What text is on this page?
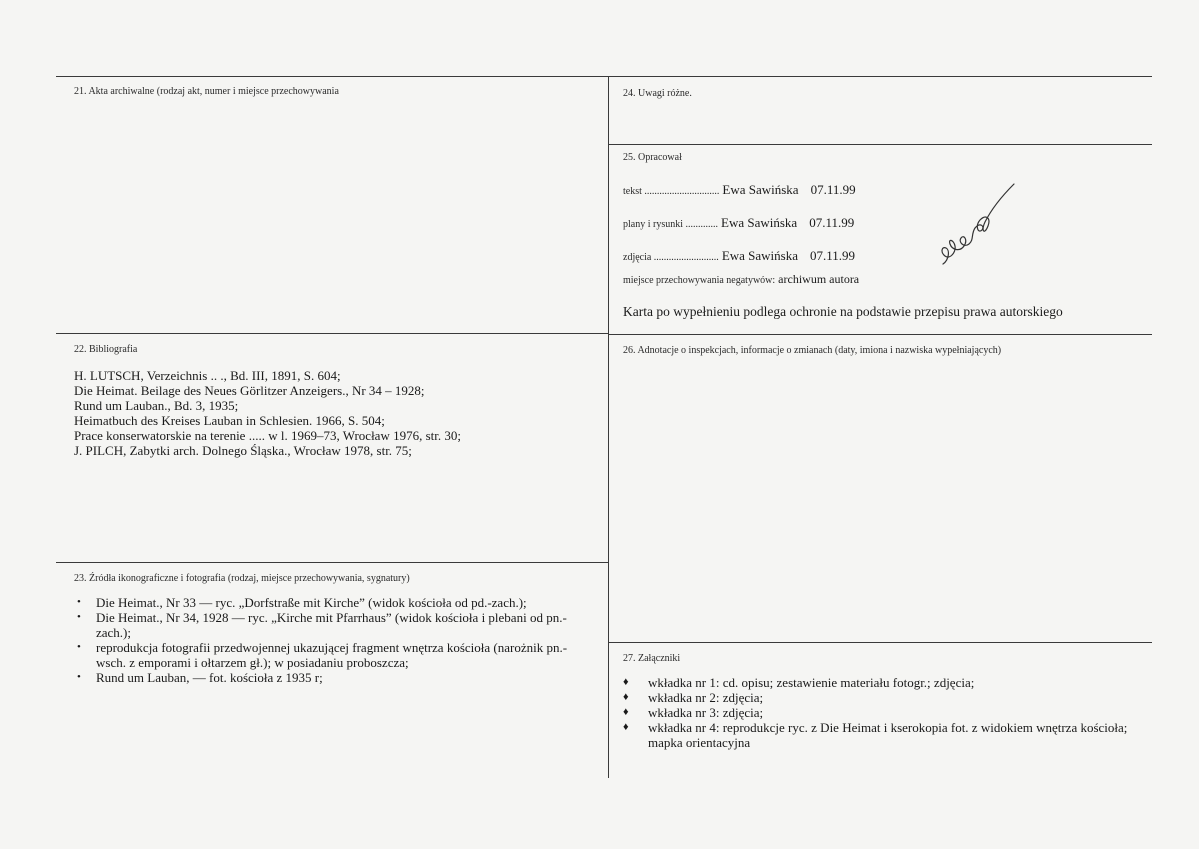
21. Akta archiwalne (rodzaj akt, numer i miejsce przechowywania
22. Bibliografia
H. LUTSCH, Verzeichnis .. ., Bd. III, 1891, S. 604;
Die Heimat. Beilage des Neues Görlitzer Anzeigers., Nr 34 – 1928;
Rund um Lauban., Bd. 3, 1935;
Heimatbuch des Kreises Lauban in Schlesien. 1966, S. 504;
Prace konserwatorskie na terenie ..... w l. 1969–73, Wrocław 1976, str. 30;
J. PILCH, Zabytki arch. Dolnego Śląska., Wrocław 1978, str. 75;
23. Źródła ikonograficzne i fotografia (rodzaj, miejsce przechowywania, sygnatury)
• Die Heimat., Nr 33 — ryc. „Dorfstraße mit Kirche” (widok kościoła od pd.-zach.);
• Die Heimat., Nr 34, 1928 — ryc. „Kirche mit Pfarrhaus” (widok kościoła i plebani od pn.- zach.);
• reprodukcja fotografii przedwojennej ukazującej fragment wnętrza kościoła (narożnik pn.-wsch. z emporami i ołtarzem gł.); w posiadaniu proboszcza;
• Rund um Lauban, — fot. kościoła z 1935 r;
24. Uwagi różne.
25. Opracował
tekst .............................. Ewa Sawińska 07.11.99
plany i rysunki ............. Ewa Sawińska 07.11.99
zdjęcia .......................... Ewa Sawińska 07.11.99
miejsce przechowywania negatywów: archiwum autora
Karta po wypełnieniu podlega ochronie na podstawie przepisu prawa autorskiego
26. Adnotacje o inspekcjach, informacje o zmianach (daty, imiona i nazwiska wypełniających)
27. Załączniki
♦ wkładka nr 1: cd. opisu; zestawienie materiału fotogr.; zdjęcia;
♦ wkładka nr 2: zdjęcia;
♦ wkładka nr 3: zdjęcia;
♦ wkładka nr 4: reprodukcje ryc. z Die Heimat i kserokopia fot. z widokiem wnętrza kościoła; mapka orientacyjna
